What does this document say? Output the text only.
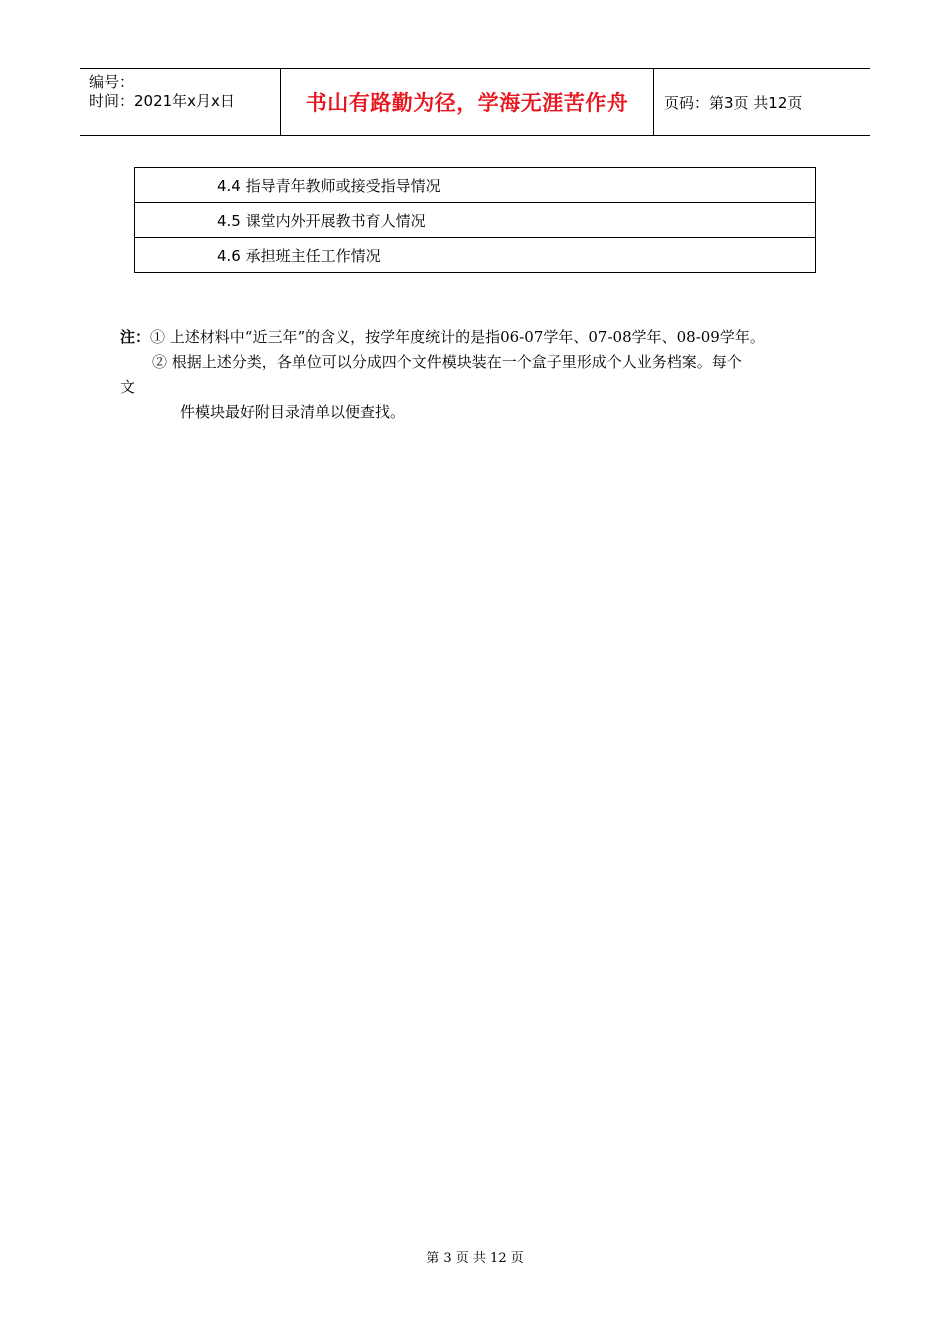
编号：
时间：2021年x月x日	书山有路勤为径，学海无涯苦作舟	页码：第3页 共12页
4.4 指导青年教师或接受指导情况
4.5 课堂内外开展教书育人情况
4.6 承担班主任工作情况
注：① 上述材料中“近三年”的含义，按学年度统计的是指06-07学年、07-08学年、08-09学年。
② 根据上述分类，各单位可以分成四个文件模块装在一个盒子里形成个人业务档案。每个
文
件模块最好附目录清单以便查找。
第 3 页 共 12 页
